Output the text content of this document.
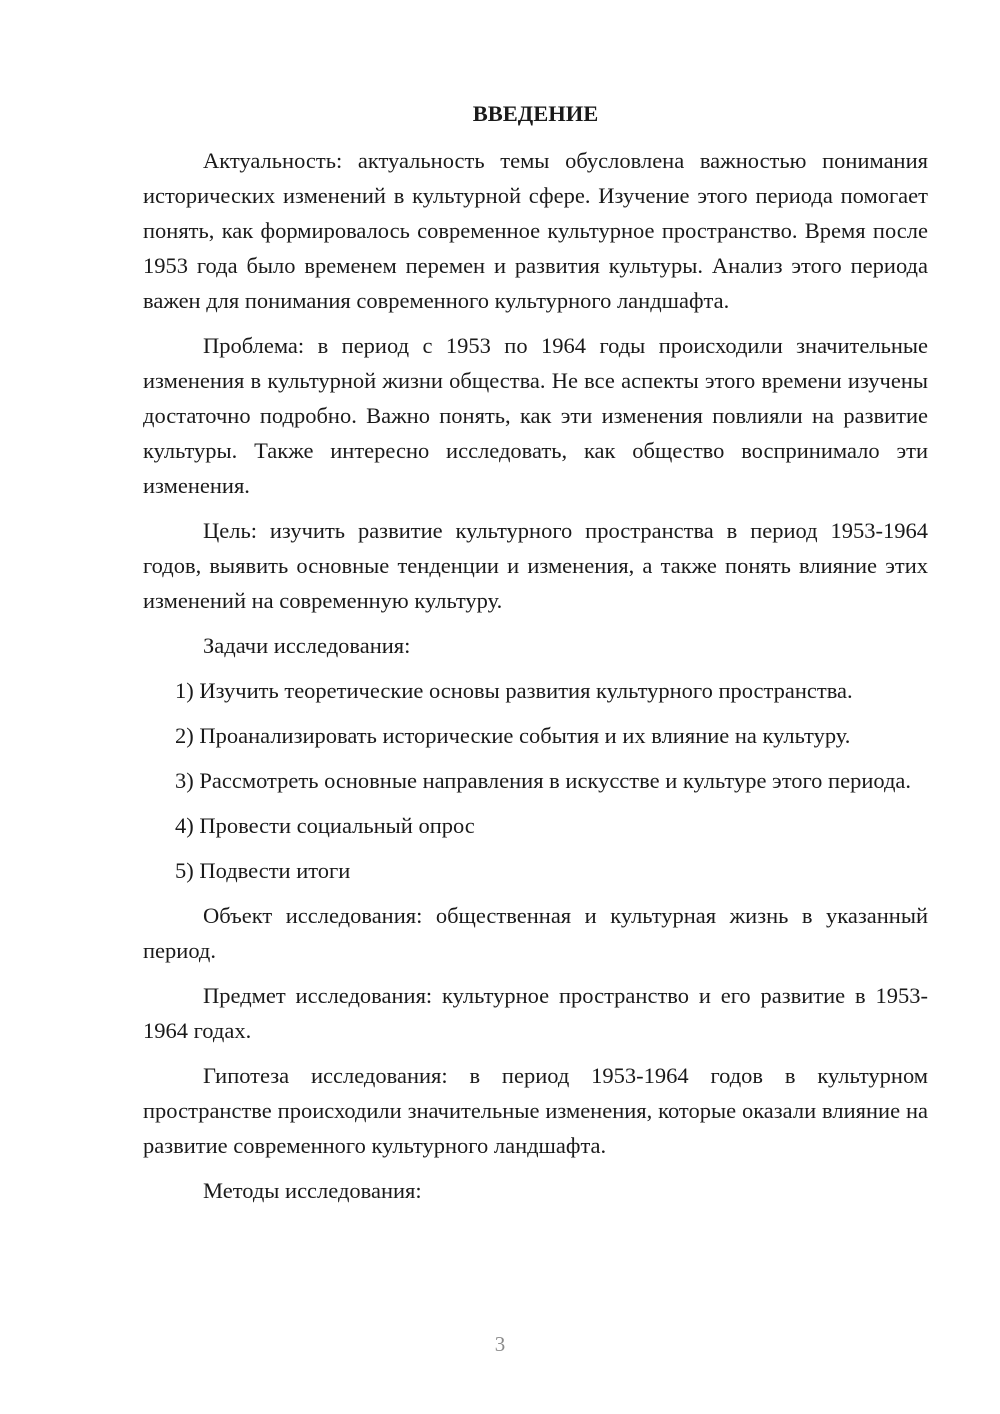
ВВЕДЕНИЕ

Актуальность: актуальность темы обусловлена важностью понимания исторических изменений в культурной сфере. Изучение этого периода помогает понять, как формировалось современное культурное пространство. Время после 1953 года было временем перемен и развития культуры. Анализ этого периода важен для понимания современного культурного ландшафта.

Проблема: в период с 1953 по 1964 годы происходили значительные изменения в культурной жизни общества. Не все аспекты этого времени изучены достаточно подробно. Важно понять, как эти изменения повлияли на развитие культуры. Также интересно исследовать, как общество воспринимало эти изменения.

Цель: изучить развитие культурного пространства в период 1953-1964 годов, выявить основные тенденции и изменения, а также понять влияние этих изменений на современную культуру.

Задачи исследования:

1) Изучить теоретические основы развития культурного пространства.

2) Проанализировать исторические события и их влияние на культуру.

3) Рассмотреть основные направления в искусстве и культуре этого периода.

4) Провести социальный опрос

5) Подвести итоги

Объект исследования: общественная и культурная жизнь в указанный период.

Предмет исследования: культурное пространство и его развитие в 1953-1964 годах.

Гипотеза исследования: в период 1953-1964 годов в культурном пространстве происходили значительные изменения, которые оказали влияние на развитие современного культурного ландшафта.

Методы исследования:

3
